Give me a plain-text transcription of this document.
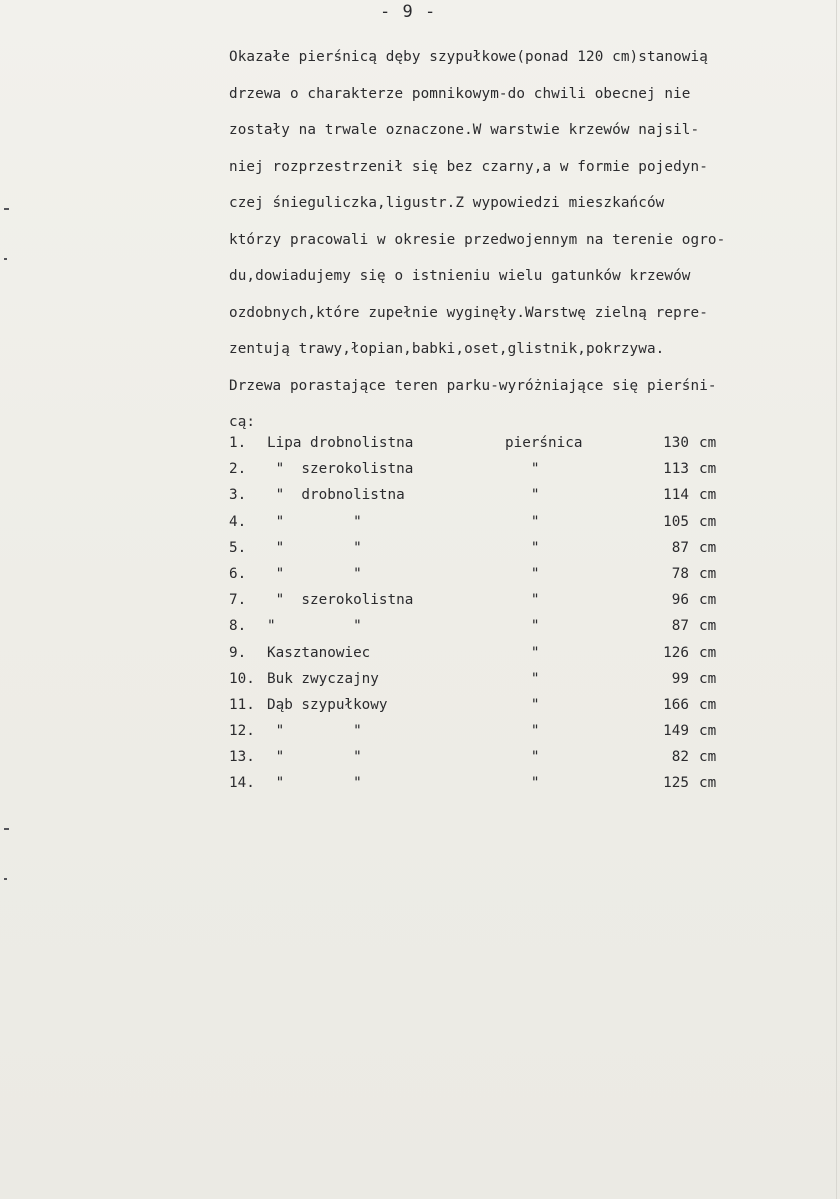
- 9 -
Okazałe pierśnicą dęby szypułkowe(ponad 120 cm)stanowią
drzewa o charakterze pomnikowym-do chwili obecnej nie
zostały na trwale oznaczone.W warstwie krzewów najsil-
niej rozprzestrzenił się bez czarny,a w formie pojedyn-
czej śnieguliczka,ligustr.Z wypowiedzi mieszkańców
którzy pracowali w okresie przedwojennym na terenie ogro-
du,dowiadujemy się o istnieniu wielu gatunków krzewów
ozdobnych,które zupełnie wyginęły.Warstwę zielną repre-
zentują trawy,łopian,babki,oset,glistnik,pokrzywa.
Drzewa porastające teren parku-wyróżniające się pierśni-
cą:
1. Lipa drobnolistna	pierśnica	130 cm
2. "  szerokolistna	"	113 cm
3. "  drobnolistna	"	114 cm
4. "        "	"	105 cm
5. "        "	"	87 cm
6. "        "	"	78 cm
7. "  szerokolistna	"	96 cm
8. "         "	"	87 cm
9. Kasztanowiec	"	126 cm
10. Buk zwyczajny	"	99 cm
11. Dąb szypułkowy	"	166 cm
12. "        "	"	149 cm
13. "        "	"	82 cm
14. "        "	"	125 cm
